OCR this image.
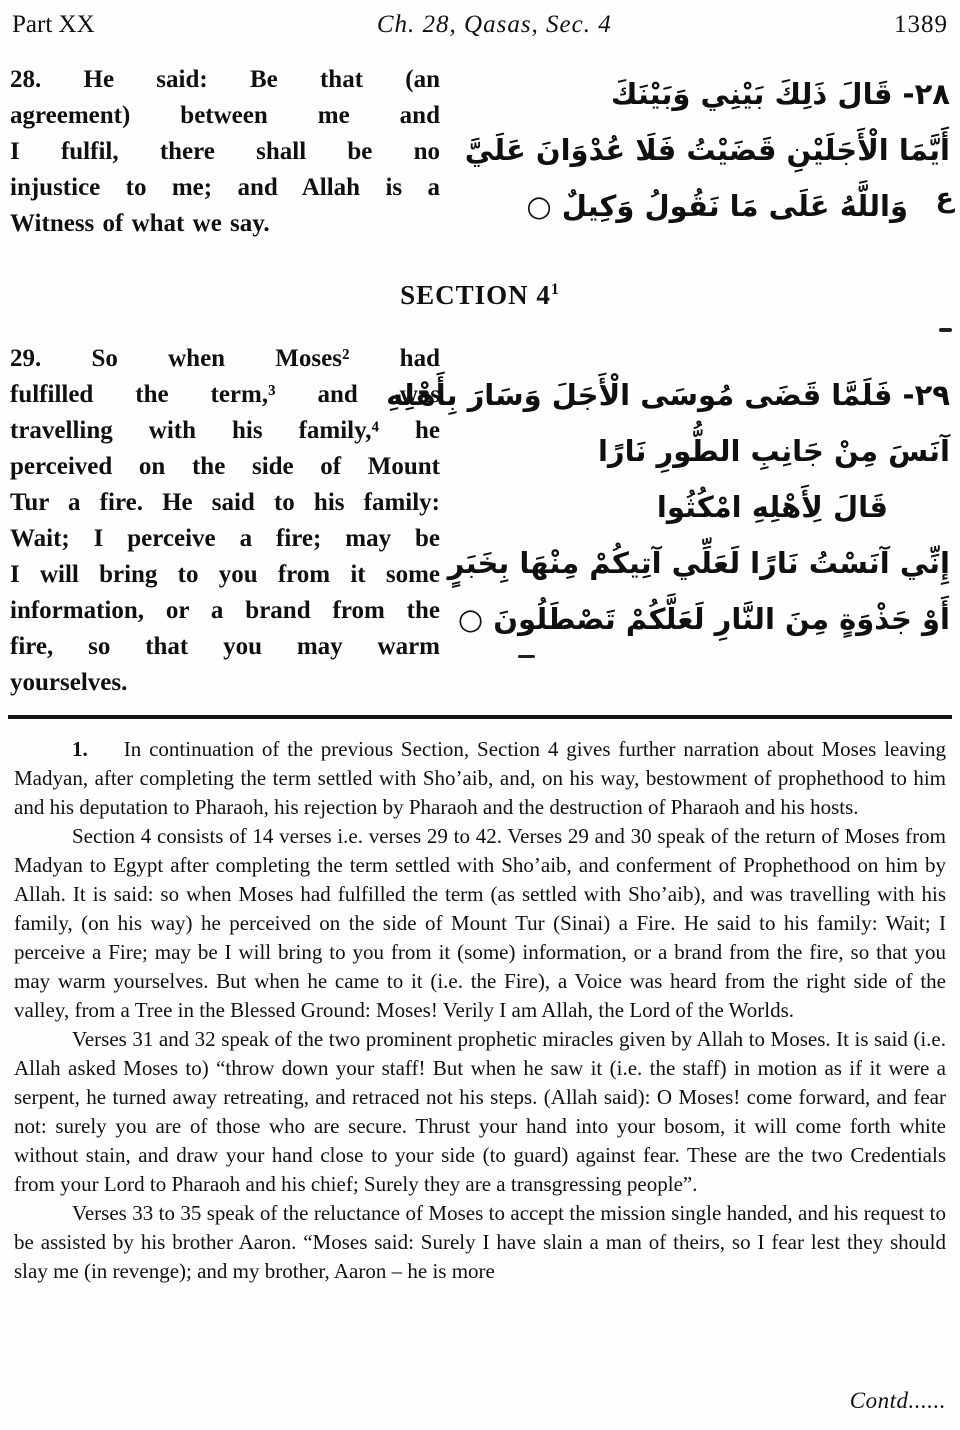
Part XX	Ch. 28, Qasas, Sec. 4	1389
28. He said: Be that (an
agreement) between me and
I fulfil, there shall be no
injustice to me; and Allah is a
Witness of what we say.
٢٨- قَالَ ذَلِكَ بَيْنِي وَبَيْنَكَ
أَيَّمَا الْأَجَلَيْنِ قَضَيْتُ فَلَا عُدْوَانَ عَلَيَّ
وَاللَّهُ عَلَى مَا نَقُولُ وَكِيلٌ ○ ع
SECTION $4^1$
29. So when Moses² had
fulfilled the term,³ and was
travelling with his family,⁴ he
perceived on the side of Mount
Tur a fire. He said to his family:
Wait; I perceive a fire; may be
I will bring to you from it some
information, or a brand from the
fire, so that you may warm
yourselves.
٢٩- فَلَمَّا قَضَى مُوسَى الْأَجَلَ وَسَارَ بِأَهْلِهِ
آنَسَ مِنْ جَانِبِ الطُّورِ نَارًا
قَالَ لِأَهْلِهِ امْكُثُوا
إِنِّي آنَسْتُ نَارًا لَعَلِّي آتِيكُمْ مِنْهَا بِخَبَرٍ
أَوْ جَذْوَةٍ مِنَ النَّارِ لَعَلَّكُمْ تَصْطَلُونَ ○

1. In continuation of the previous Section, Section 4 gives further narration about Moses leaving Madyan, after completing the term settled with Sho’aib, and, on his way, bestowment of prophethood to him and his deputation to Pharaoh, his rejection by Pharaoh and the destruction of Pharaoh and his hosts.

Section 4 consists of 14 verses i.e. verses 29 to 42. Verses 29 and 30 speak of the return of Moses from Madyan to Egypt after completing the term settled with Sho’aib, and conferment of Prophethood on him by Allah. It is said: so when Moses had fulfilled the term (as settled with Sho’aib), and was travelling with his family, (on his way) he perceived on the side of Mount Tur (Sinai) a Fire. He said to his family: Wait; I perceive a Fire; may be I will bring to you from it (some) information, or a brand from the fire, so that you may warm yourselves. But when he came to it (i.e. the Fire), a Voice was heard from the right side of the valley, from a Tree in the Blessed Ground: Moses! Verily I am Allah, the Lord of the Worlds.

Verses 31 and 32 speak of the two prominent prophetic miracles given by Allah to Moses. It is said (i.e. Allah asked Moses to) “throw down your staff! But when he saw it (i.e. the staff) in motion as if it were a serpent, he turned away retreating, and retraced not his steps. (Allah said): O Moses! come forward, and fear not: surely you are of those who are secure. Thrust your hand into your bosom, it will come forth white without stain, and draw your hand close to your side (to guard) against fear. These are the two Credentials from your Lord to Pharaoh and his chief; Surely they are a transgressing people”.

Verses 33 to 35 speak of the reluctance of Moses to accept the mission single handed, and his request to be assisted by his brother Aaron. “Moses said: Surely I have slain a man of theirs, so I fear lest they should slay me (in revenge); and my brother, Aaron – he is more

Contd......
